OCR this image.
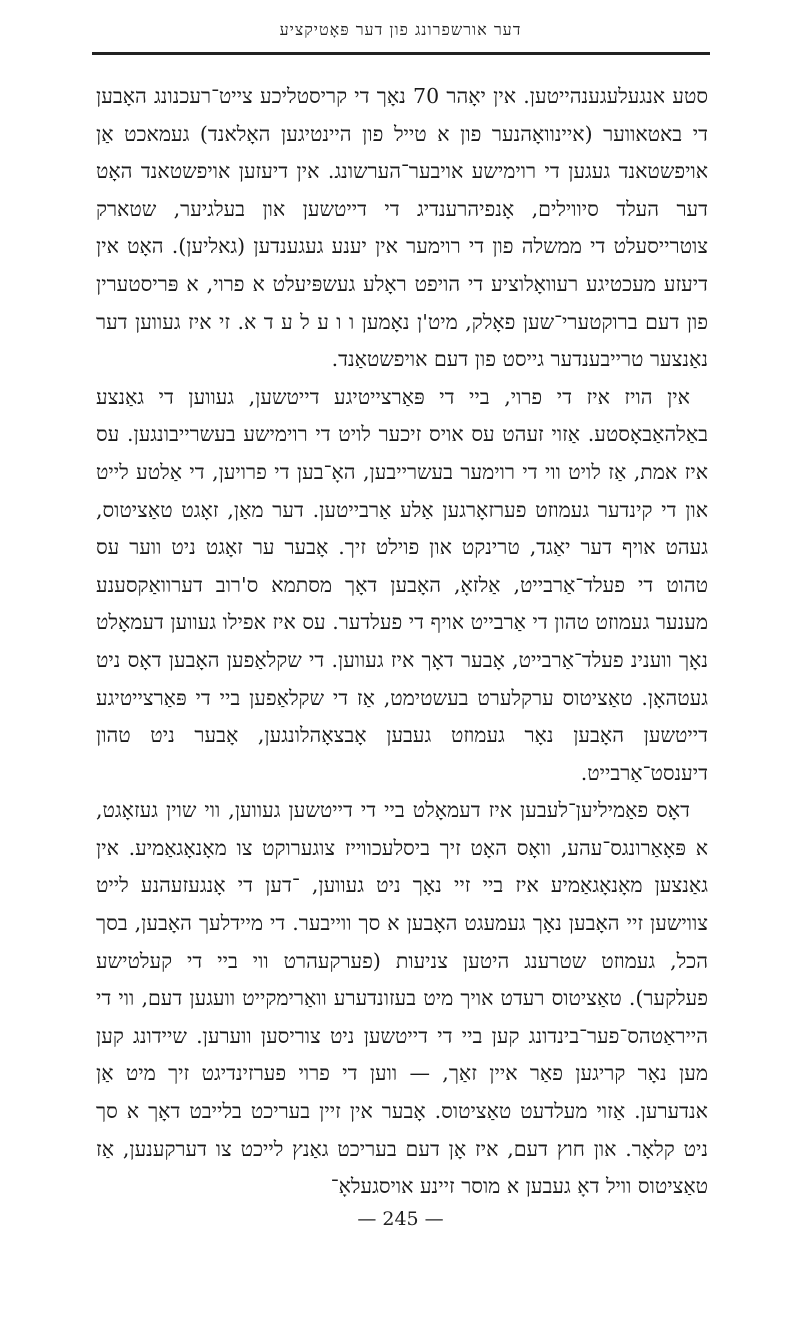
דער אורשפרונג פון דער פּאָטיקציע
סטע אנגעלעגענהייטען. אין יאָהר 70 נאָך די קריסטליכע צייט־רעכנונג האָבען די באטאווער (איינוואָהנער פון א טייל פון היינטיגען האָלאנד) געמאכט אַן אויפשטאנד געגען די רוימישע אויבער־הערשונג. אין דיעזען אויפשטאנד האָט דער העלד סיווילים, אָנפיהרענדיג די דייטשען און בעלגיער, שטארק צוטרייסעלט די ממשלה פון די רוימער אין יענע געגענדען (גאליען). האָט אין דיעזע מעכטיגע רעוואָלוציע די הויפט ראָלע געשפּיעלט א פרוי, א פּריסטערין פון דעם ברוקטערי־שען פאָלק, מיט'ן נאָמען ו ו ע ל ע ד א. זי איז געווען דער נאַנצער טרייבענדער גייסט פון דעם אויפשטאַנד.
אין הויז איז די פרוי, ביי די פּאַרצייטיגע דייטשען, געווען די גאַנצע באַלהאַבאָסטע. אַזוי זעהט עס אויס זיכער לויט די רוימישע בעשרייבונגען. עס איז אמת, אַז לויט ווי די רוימער בעשרייבען, האָ־בען די פרויען, די אַלטע לייט און די קינדער געמוזט פערזאָרגען אַלע אַרבייטען. דער מאַן, זאָגט טאַציטוס, געהט אויף דער יאַגד, טרינקט און פוילט זיך. אָבער ער זאָגט ניט ווער עס טהוט די פעלד־אַרבייט, אַלזאָ, האָבען דאָך מסתמא ס'רוב דערוואַקסענע מענער געמוזט טהון די אַרבייט אויף די פעלדער. עס איז אפילו געווען דעמאָלט נאָך ווענינ פעלד־אַרבייט, אָבער דאָך איז געווען. די שקלאַפען האָבען דאָס ניט געטהאָן. טאַציטוס ערקלערט בעשטימט, אַז די שקלאַפען ביי די פּאַרצייטיגע דייטשען האָבען נאָר געמוזט געבען אָבצאָהלונגען, אָבער ניט טהון דיענסט־אַרבייט.
דאָס פאַמיליען־לעבען איז דעמאָלט ביי די דייטשען געווען, ווי שוין געזאָגט, א פּאָאַרונגס־עהע, וואָס האָט זיך ביסלעכווייז צוגערוקט צו מאָנאָגאַמיע. אין גאַנצען מאָנאָגאַמיע איז ביי זיי נאָך ניט געווען, ־דען די אָנגעזעהנע לייט צווישען זיי האָבען נאָך געמעגט האָבען א סך ווייבער. די מיידלעך האָבען, בסך הכל, געמוזט שטרענג היטען צניעות (פערקעהרט ווי ביי די קעלטישע פעלקער). טאַציטוס רעדט אויך מיט בעזונדערע וואַרימקייט וועגען דעם, ווי די הייראַטהס־פער־בינדונג קען ביי די דייטשען ניט צוריסען ווערען. שיידונג קען מען נאָר קריגען פאַר איין זאַך, — ווען די פרוי פערזינדיגט זיך מיט אַן אנדערען. אַזוי מעלדעט טאַציטוס. אָבער אין זיין בעריכט בלייבט דאָך א סך ניט קלאָר. און חוץ דעם, איז אָן דעם בעריכט גאַנץ לייכט צו דערקענען, אַז טאַציטוס וויל דאָ געבען א מוסר זיינע אויסגעלאָ־
— 245 —
